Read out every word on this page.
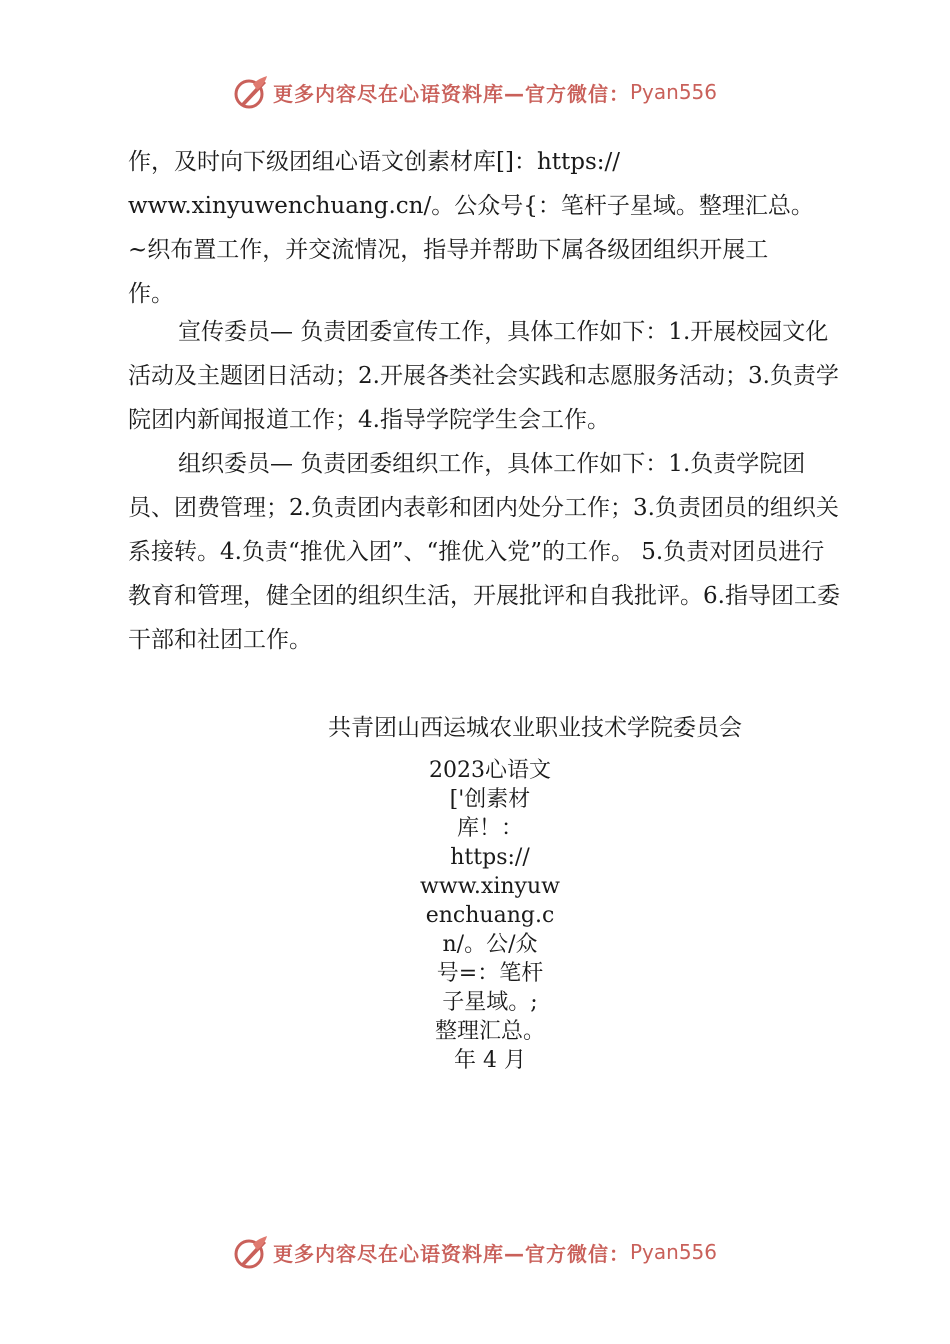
更多内容尽在心语资料库—官方微信： Pyan556

作，及时向下级团组心语文创素材库[]：https://

www.xinyuwenchuang.cn/。公众号{：笔杆子星域。整理汇总。

~织布置工作，并交流情况，指导并帮助下属各级团组织开展工

作。

宣传委员— 负责团委宣传工作，具体工作如下：1.开展校园文化活动及主题团日活动；2.开展各类社会实践和志愿服务活动；3.负责学院团内新闻报道工作；4.指导学院学生会工作。

组织委员— 负责团委组织工作，具体工作如下：1.负责学院团员、团费管理；2.负责团内表彰和团内处分工作；3.负责团员的组织关系接转。4.负责“推优入团”、“推优入党”的工作。 5.负责对团员进行教育和管理，健全团的组织生活，开展批评和自我批评。6.指导团工委干部和社团工作。

共青团山西运城农业职业技术学院委员会
2023心语文
['创素材
库！：
https://
www.xinyuw
enchuang.c
n/。公/众
号=：笔杆
子星域。;
整理汇总。
年 4 月
更多内容尽在心语资料库—官方微信： Pyan556
